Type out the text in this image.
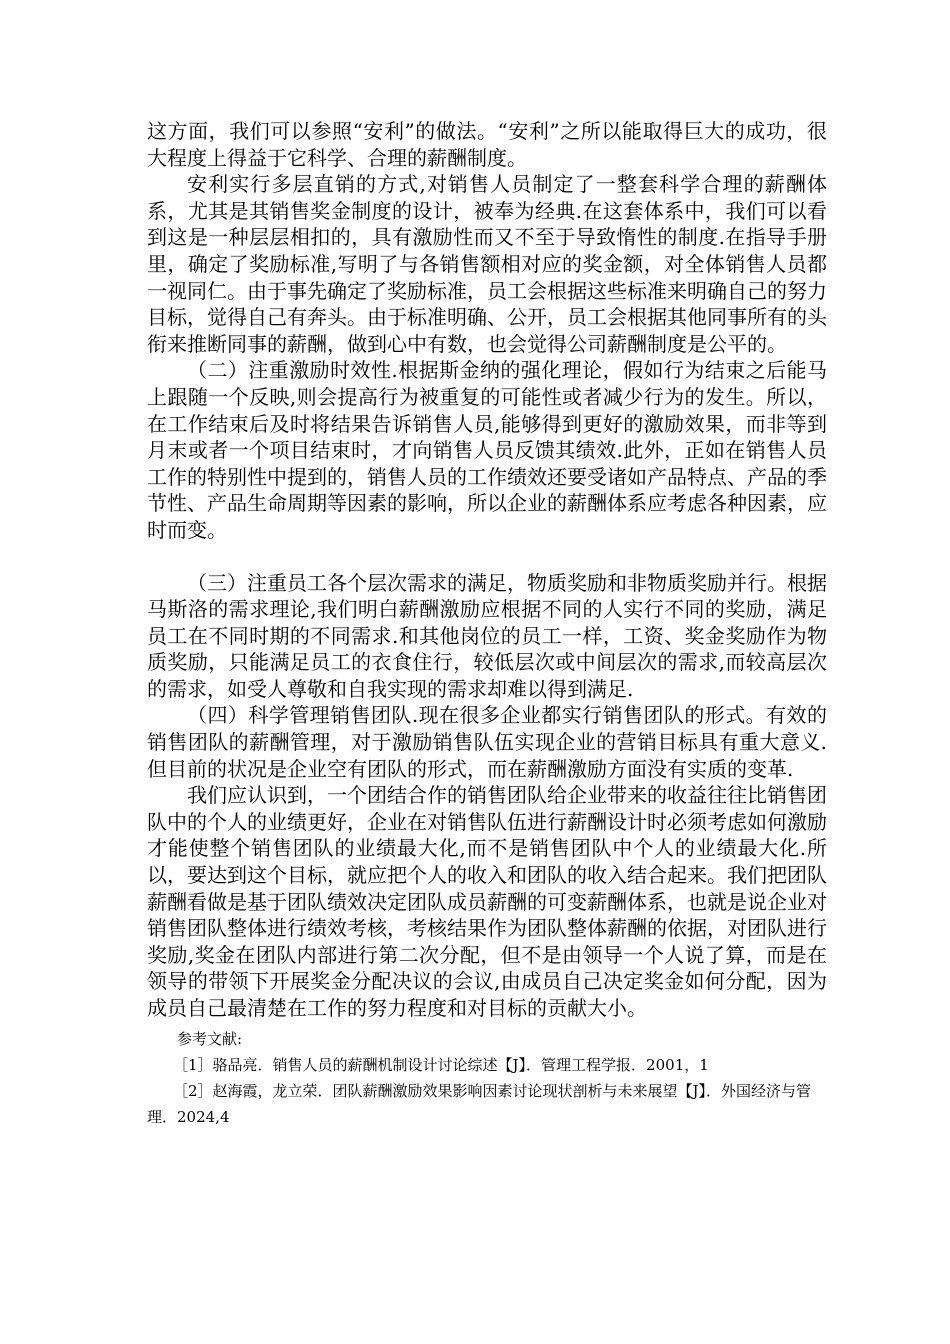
这方面，我们可以参照“安利”的做法。“安利”之所以能取得巨大的成功，很大程度上得益于它科学、合理的薪酬制度。

安利实行多层直销的方式,对销售人员制定了一整套科学合理的薪酬体系，尤其是其销售奖金制度的设计，被奉为经典.在这套体系中，我们可以看到这是一种层层相扣的，具有激励性而又不至于导致惰性的制度.在指导手册里，确定了奖励标准,写明了与各销售额相对应的奖金额，对全体销售人员都一视同仁。由于事先确定了奖励标准，员工会根据这些标准来明确自己的努力目标，觉得自己有奔头。由于标准明确、公开，员工会根据其他同事所有的头衔来推断同事的薪酬，做到心中有数，也会觉得公司薪酬制度是公平的。

（二）注重激励时效性.根据斯金纳的强化理论，假如行为结束之后能马上跟随一个反映,则会提高行为被重复的可能性或者减少行为的发生。所以，在工作结束后及时将结果告诉销售人员,能够得到更好的激励效果，而非等到月末或者一个项目结束时，才向销售人员反馈其绩效.此外，正如在销售人员工作的特别性中提到的，销售人员的工作绩效还要受诸如产品特点、产品的季节性、产品生命周期等因素的影响，所以企业的薪酬体系应考虑各种因素，应时而变。

（三）注重员工各个层次需求的满足，物质奖励和非物质奖励并行。根据马斯洛的需求理论,我们明白薪酬激励应根据不同的人实行不同的奖励，满足员工在不同时期的不同需求.和其他岗位的员工一样，工资、奖金奖励作为物质奖励，只能满足员工的衣食住行，较低层次或中间层次的需求,而较高层次的需求，如受人尊敬和自我实现的需求却难以得到满足.

（四）科学管理销售团队.现在很多企业都实行销售团队的形式。有效的销售团队的薪酬管理，对于激励销售队伍实现企业的营销目标具有重大意义.但目前的状况是企业空有团队的形式，而在薪酬激励方面没有实质的变革.

我们应认识到，一个团结合作的销售团队给企业带来的收益往往比销售团队中的个人的业绩更好，企业在对销售队伍进行薪酬设计时必须考虑如何激励才能使整个销售团队的业绩最大化,而不是销售团队中个人的业绩最大化.所以，要达到这个目标，就应把个人的收入和团队的收入结合起来。我们把团队薪酬看做是基于团队绩效决定团队成员薪酬的可变薪酬体系，也就是说企业对销售团队整体进行绩效考核，考核结果作为团队整体薪酬的依据，对团队进行奖励,奖金在团队内部进行第二次分配，但不是由领导一个人说了算，而是在领导的带领下开展奖金分配决议的会议,由成员自己决定奖金如何分配，因为成员自己最清楚在工作的努力程度和对目标的贡献大小。

参考文献:

［1］骆品亮．销售人员的薪酬机制设计讨论综述【J】．管理工程学报．2001，1

［2］赵海霞，龙立荣．团队薪酬激励效果影响因素讨论现状剖析与未来展望【J】．外国经济与管理．2024,4
